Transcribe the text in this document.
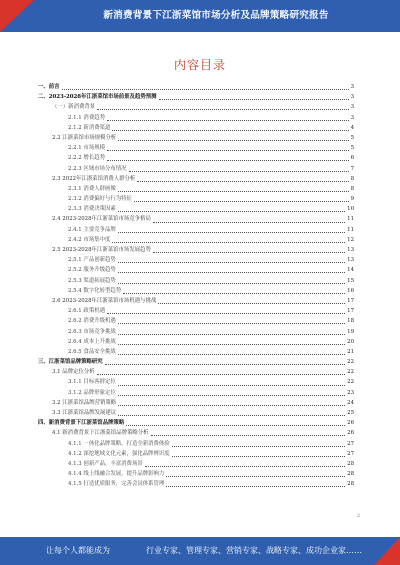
新消费背景下江浙菜馆市场分析及品牌策略研究报告
内容目录
一、前言	3
二、2023-2028年江浙菜馆市场前景及趋势预测	3
（一）新消费背景	3
2.1.1 消费趋势	3
2.1.2 新消费渠道	4
2.2 江浙菜馆市场规模分析	5
2.2.1 市场规模	5
2.2.2 增长趋势	6
2.2.3 区域市场分布情况	7
2.3 2022年江浙菜馆消费人群分析	8
2.3.1 消费人群画像	8
2.3.2 消费偏好与行为特征	9
2.3.3 消费决策因素	10
2.4 2023-2028年江浙菜馆市场竞争格局	11
2.4.1 主要竞争品牌	11
2.4.2 市场集中度	12
2.5 2023-2028年江浙菜馆市场发展趋势	13
2.5.1 产品创新趋势	13
2.5.2 服务升级趋势	14
2.5.3 渠道拓展趋势	15
2.5.4 数字化转型趋势	16
2.6 2023-2028年江浙菜馆市场机遇与挑战	17
2.6.1 政策机遇	17
2.6.2 消费升级机遇	18
2.6.3 市场竞争挑战	19
2.6.4 成本上升挑战	20
2.6.5 食品安全挑战	21
三、江浙菜馆品牌策略研究	22
3.1 品牌定位分析	22
3.1.1 目标客群定位	22
3.1.2 品牌形象定位	23
3.2 江浙菜馆品牌营销策略	24
3.3 江浙菜馆品牌发展建议	25
四、新消费背景下江浙菜馆品牌策略	26
4.1 新消费背景下江浙菜馆品牌策略分析	26
4.1.1 一体化品牌策略，打造全新消费体验	27
4.1.2 深挖地域文化元素，强化品牌辨识度	27
4.1.3 创新产品，丰富消费场景	28
4.1.4 线上线融合发展，提升品牌影响力	28
4.1.5 打造优质服务，完善会员体系管理	28
2
让每个人都能成为	行业专家、管理专家、营销专家、战略专家、成功企业家……
